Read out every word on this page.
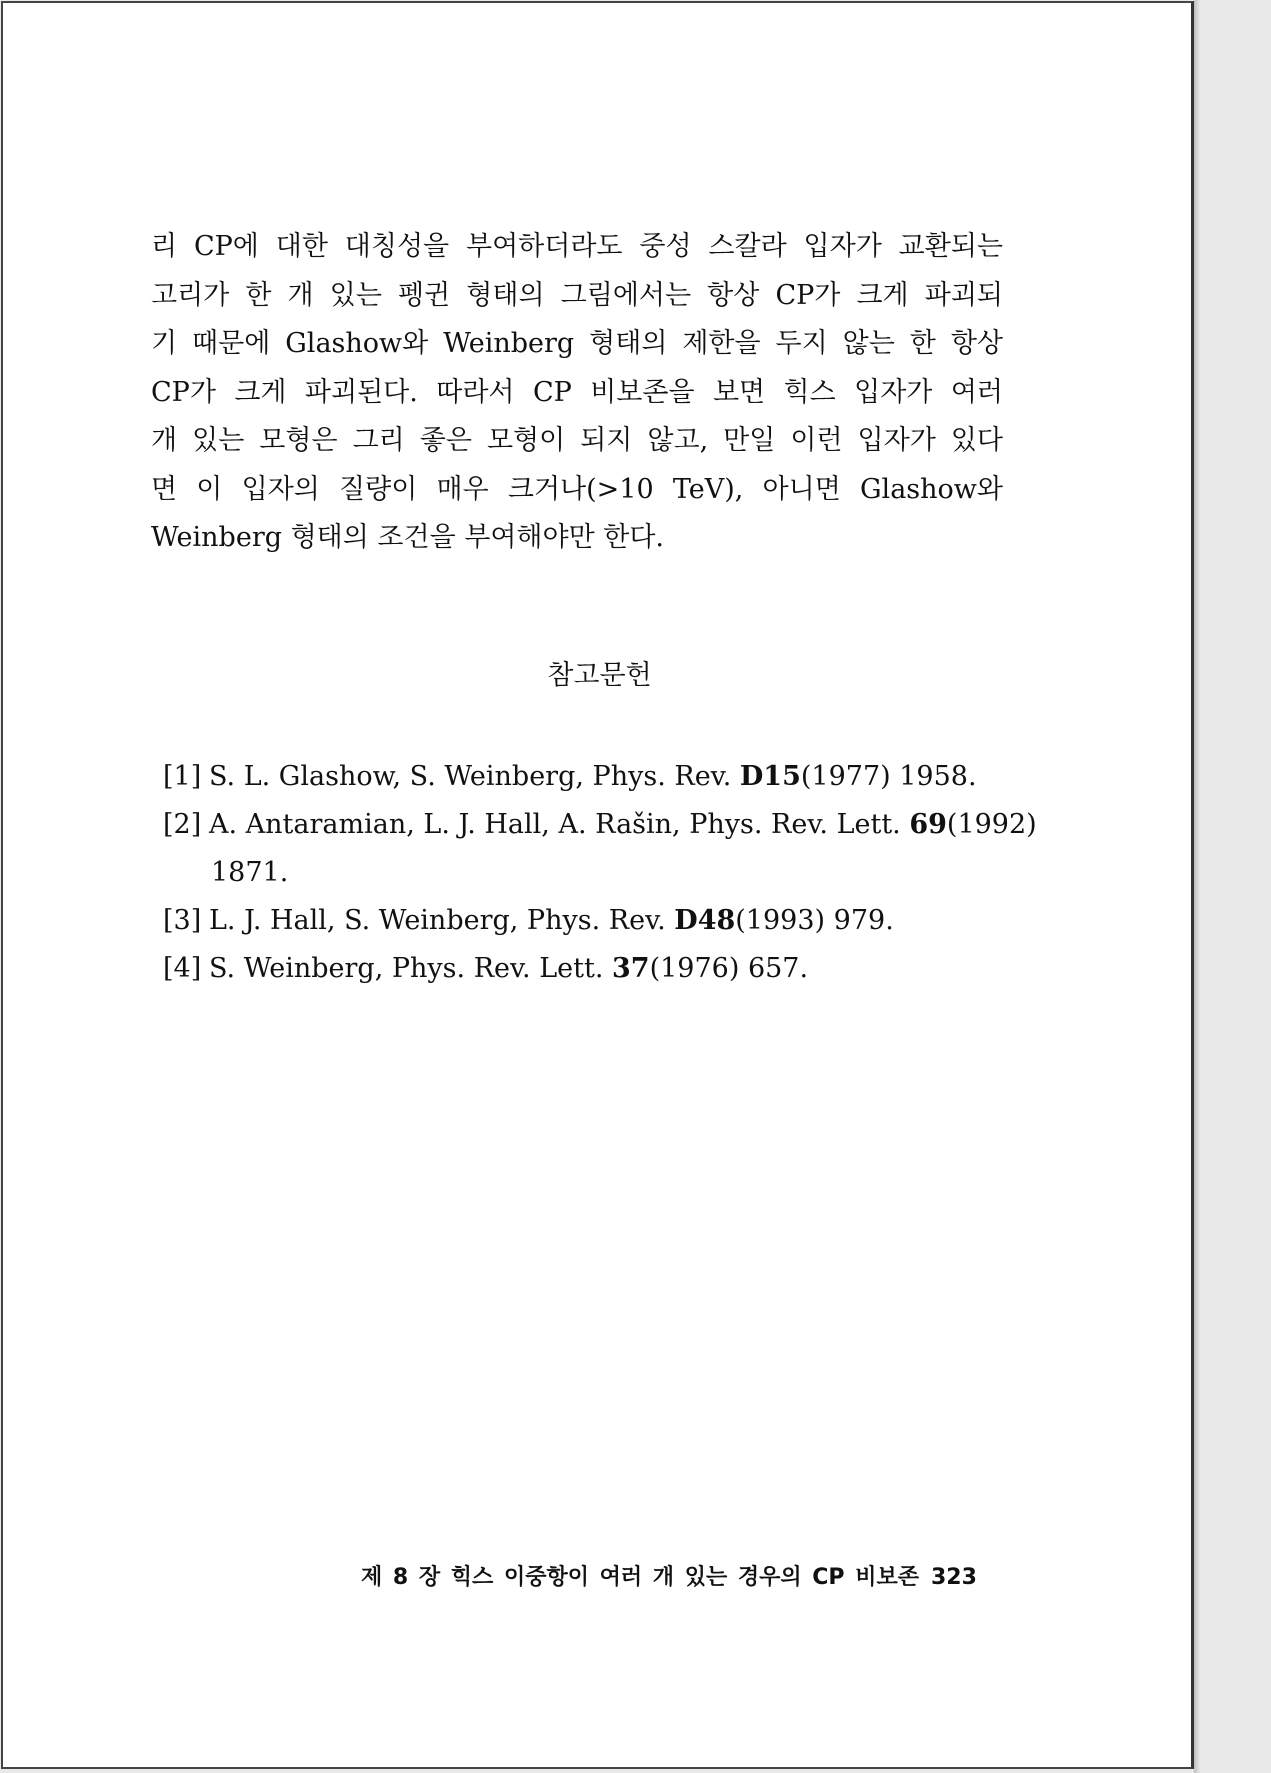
리 CP에 대한 대칭성을 부여하더라도 중성 스칼라 입자가 교환되는
고리가 한 개 있는 펭귄 형태의 그림에서는 항상 CP가 크게 파괴되
기 때문에 Glashow와 Weinberg 형태의 제한을 두지 않는 한 항상
CP가 크게 파괴된다. 따라서 CP 비보존을 보면 힉스 입자가 여러
개 있는 모형은 그리 좋은 모형이 되지 않고, 만일 이런 입자가 있다
면 이 입자의 질량이 매우 크거나(>10 TeV), 아니면 Glashow와
Weinberg 형태의 조건을 부여해야만 한다.

참고문헌
[1] S. L. Glashow, S. Weinberg, Phys. Rev. D15(1977) 1958.
[2] A. Antaramian, L. J. Hall, A. Rašin, Phys. Rev. Lett. 69(1992)
1871.
[3] L. J. Hall, S. Weinberg, Phys. Rev. D48(1993) 979.
[4] S. Weinberg, Phys. Rev. Lett. 37(1976) 657.
제 8 장 힉스 이중항이 여러 개 있는 경우의 CP 비보존 323
